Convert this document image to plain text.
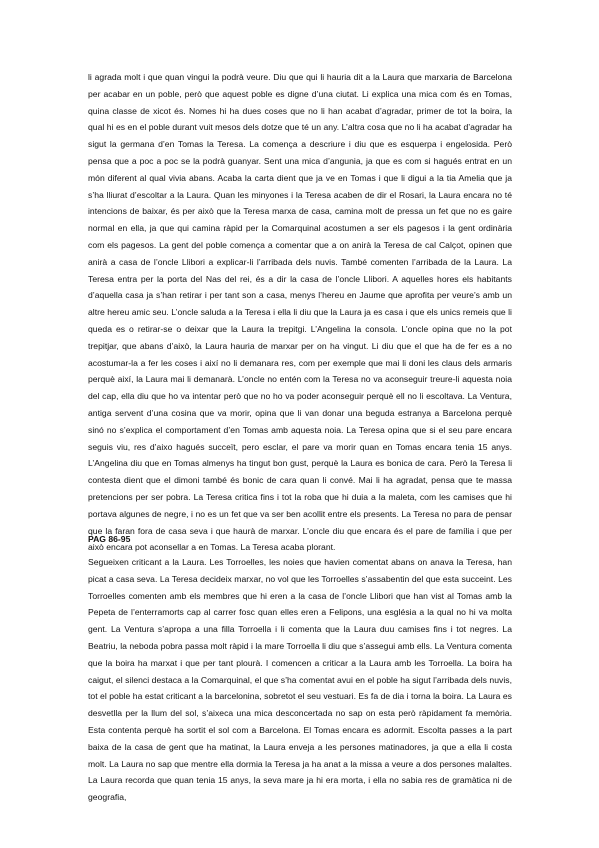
li agrada molt i que quan vingui la podrà veure. Diu que qui li hauria dit a la Laura que marxaria de Barcelona per acabar en un poble, però que aquest poble es digne d’una ciutat. Li explica una mica com és en Tomas, quina classe de xicot és. Nomes hi ha dues coses que no li han acabat d’agradar, primer de tot la boira, la qual hi es en el poble durant vuit mesos dels dotze que té un any. L’altra cosa que no li ha acabat d’agradar ha sigut la germana d’en Tomas la Teresa. La comença a descriure i diu que es esquerpa i engelosida. Però pensa que a poc a poc se la podrà guanyar. Sent una mica d’angunia, ja que es com si hagués entrat en un món diferent al qual vivia abans. Acaba la carta dient que ja ve en Tomas i que li digui a la tia Amelia que ja s’ha lliurat d’escoltar a la Laura. Quan les minyones i la Teresa acaben de dir el Rosari, la Laura encara no té intencions de baixar, és per això que la Teresa marxa de casa, camina molt de pressa un fet que no es gaire normal en ella, ja que qui camina ràpid per la Comarquinal acostumen a ser els pagesos i la gent ordinària com els pagesos. La gent del poble comença a comentar que a on anirà la Teresa de cal Calçot, opinen que anirà a casa de l’oncle Llibori a explicar-li l’arribada dels nuvis. També comenten l’arribada de la Laura. La Teresa entra per la porta del Nas del rei, és a dir la casa de l’oncle Llibori. A aquelles hores els habitants d’aquella casa ja s’han retirar i per tant son a casa, menys l’hereu en Jaume que aprofita per veure’s amb un altre hereu amic seu. L’oncle saluda a la Teresa i ella li diu que la Laura ja es casa i que els unics remeis que li queda es o retirar-se o deixar que la Laura la trepitgi. L’Angelina la consola. L’oncle opina que no la pot trepitjar, que abans d’això, la Laura hauria de marxar per on ha vingut. Li diu que el que ha de fer es a no acostumar-la a fer les coses i així no li demanara res, com per exemple que mai li doni les claus dels armaris perquè així, la Laura mai li demanarà. L’oncle no entén com la Teresa no va aconseguir treure-li aquesta noia del cap, ella diu que ho va intentar però que no ho va poder aconseguir perquè ell no li escoltava. La Ventura, antiga servent d’una cosina que va morir, opina que li van donar una beguda estranya a Barcelona perquè sinó no s’explica el comportament d’en Tomas amb aquesta noia. La Teresa opina que si el seu pare encara seguis viu, res d’aixo hagués succeït, pero esclar, el pare va morir quan en Tomas encara tenia 15 anys. L’Angelina diu que en Tomas almenys ha tingut bon gust, perquè la Laura es bonica de cara. Però la Teresa li contesta dient que el dimoni també és bonic de cara quan li convé. Mai li ha agradat, pensa que te massa pretencions per ser pobra. La Teresa critica fins i tot la roba que hi duia a la maleta, com les camises que hi portava algunes de negre, i no es un fet que va ser ben acollit entre els presents. La Teresa no para de pensar que la faran fora de casa seva i que haurà de marxar. L’oncle diu que encara és el pare de família i que per això encara pot aconsellar a en Tomas. La Teresa acaba plorant.
PAG 86-95
Segueixen criticant a la Laura. Les Torroelles, les noies que havien comentat abans on anava la Teresa, han picat a casa seva. La Teresa decideix marxar, no vol que les Torroelles s’assabentin del que esta succeint. Les Torroelles comenten amb els membres que hi eren a la casa de l’oncle Llibori que han vist al Tomas amb la Pepeta de l’enterramorts cap al carrer fosc quan elles eren a Felipons, una església a la qual no hi va molta gent. La Ventura s’apropa a una filla Torroella i li comenta que la Laura duu camises fins i tot negres. La Beatriu, la neboda pobra passa molt ràpid i la mare Torroella li diu que s’assegui amb ells. La Ventura comenta que la boira ha marxat i que per tant plourà. I comencen a criticar a la Laura amb les Torroella. La boira ha caigut, el silenci destaca a la Comarquinal, el que s’ha comentat avui en el poble ha sigut l’arribada dels nuvis, tot el poble ha estat criticant a la barcelonina, sobretot el seu vestuari. Es fa de dia i torna la boira. La Laura es desvetlla per la llum del sol, s’aixeca una mica desconcertada no sap on esta però ràpidament fa memòria. Esta contenta perquè ha sortit el sol com a Barcelona. El Tomas encara es adormit. Escolta passes a la part baixa de la casa de gent que ha matinat, la Laura enveja a les persones matinadores, ja que a ella li costa molt. La Laura no sap que mentre ella dormia la Teresa ja ha anat a la missa a veure a dos persones malaltes. La Laura recorda que quan tenia 15 anys, la seva mare ja hi era morta, i ella no sabia res de gramàtica ni de geografia,
